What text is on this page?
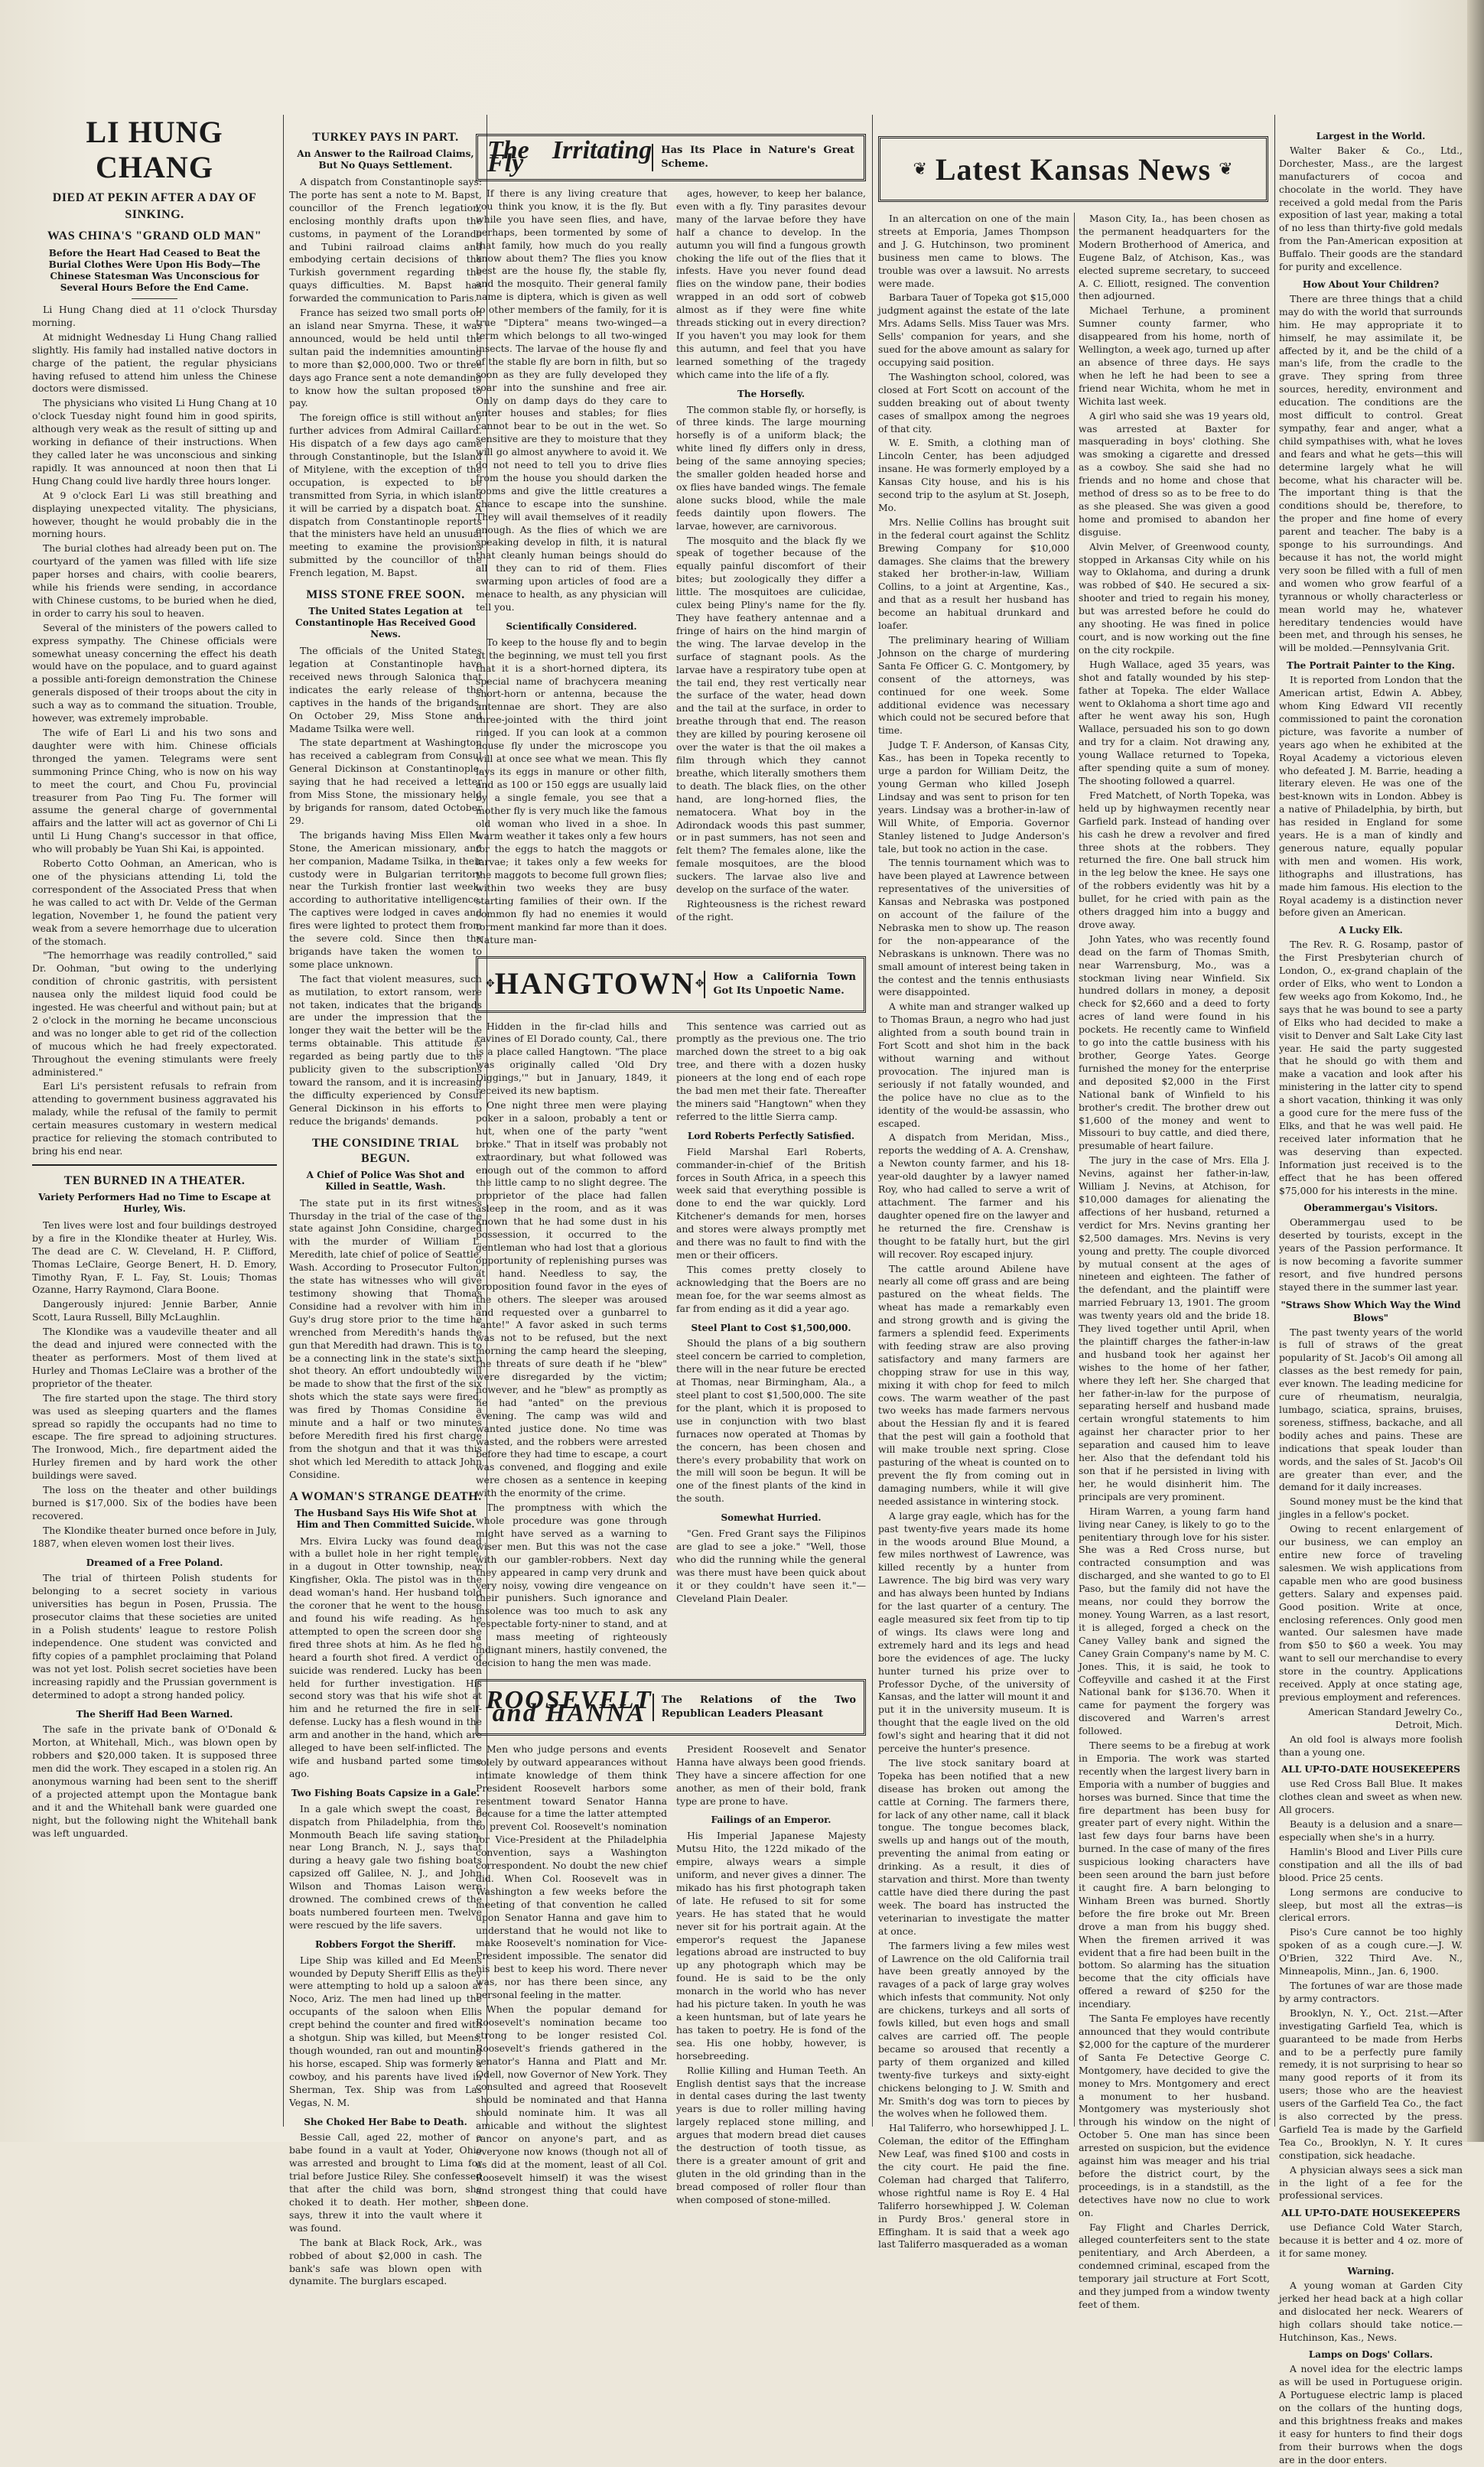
LI HUNG CHANG
DIED AT PEKIN AFTER A DAY OF SINKING.
WAS CHINA'S "GRAND OLD MAN"
Before the Heart Had Ceased to Beat the Burial Clothes Were Upon His Body—The Chinese Statesman Was Unconscious for Several Hours Before the End Came.

Li Hung Chang died at 11 o'clock Thursday morning.

At midnight Wednesday Li Hung Chang rallied slightly. His family had installed native doctors in charge of the patient, the regular physicians having refused to attend him unless the Chinese doctors were dismissed.

The physicians who visited Li Hung Chang at 10 o'clock Tuesday night found him in good spirits, although very weak as the result of sitting up and working in defiance of their instructions. When they called later he was unconscious and sinking rapidly. It was announced at noon then that Li Hung Chang could live hardly three hours longer.

At 9 o'clock Earl Li was still breathing and displaying unexpected vitality. The physicians, however, thought he would probably die in the morning hours.

The burial clothes had already been put on. The courtyard of the yamen was filled with life size paper horses and chairs, with coolie bearers, while his friends were sending, in accordance with Chinese customs, to be buried when he died, in order to carry his soul to heaven.

Several of the ministers of the powers called to express sympathy. The Chinese officials were somewhat uneasy concerning the effect his death would have on the populace, and to guard against a possible anti-foreign demonstration the Chinese generals disposed of their troops about the city in such a way as to command the situation. Trouble, however, was extremely improbable.

The wife of Earl Li and his two sons and daughter were with him. Chinese officials thronged the yamen. Telegrams were sent summoning Prince Ching, who is now on his way to meet the court, and Chou Fu, provincial treasurer from Pao Ting Fu. The former will assume the general charge of governmental affairs and the latter will act as governor of Chi Li until Li Hung Chang's successor in that office, who will probably be Yuan Shi Kai, is appointed.

Roberto Cotto Oohman, an American, who is one of the physicians attending Li, told the correspondent of the Associated Press that when he was called to act with Dr. Velde of the German legation, November 1, he found the patient very weak from a severe hemorrhage due to ulceration of the stomach.

"The hemorrhage was readily controlled," said Dr. Oohman, "but owing to the underlying condition of chronic gastritis, with persistent nausea only the mildest liquid food could be ingested. He was cheerful and without pain; but at 2 o'clock in the morning he became unconscious and was no longer able to get rid of the collection of mucous which he had freely expectorated. Throughout the evening stimulants were freely administered."

Earl Li's persistent refusals to refrain from attending to government business aggravated his malady, while the refusal of the family to permit certain measures customary in western medical practice for relieving the stomach contributed to bring his end near.

TEN BURNED IN A THEATER.
Variety Performers Had no Time to Escape at Hurley, Wis.

Ten lives were lost and four buildings destroyed by a fire in the Klondike theater at Hurley, Wis. The dead are C. W. Cleveland, H. P. Clifford, Thomas LeClaire, George Benert, H. D. Emory, Timothy Ryan, F. L. Fay, St. Louis; Thomas Ozanne, Harry Raymond, Clara Boone.

Dangerously injured: Jennie Barber, Annie Scott, Laura Russell, Billy McLaughlin.

The Klondike was a vaudeville theater and all the dead and injured were connected with the theater as performers. Most of them lived at Hurley and Thomas LeClaire was a brother of the proprietor of the theater.

The fire started upon the stage. The third story was used as sleeping quarters and the flames spread so rapidly the occupants had no time to escape. The fire spread to adjoining structures. The Ironwood, Mich., fire department aided the Hurley firemen and by hard work the other buildings were saved.

The loss on the theater and other buildings burned is $17,000. Six of the bodies have been recovered.

The Klondike theater burned once before in July, 1887, when eleven women lost their lives.

Dreamed of a Free Poland.

The trial of thirteen Polish students for belonging to a secret society in various universities has begun in Posen, Prussia. The prosecutor claims that these societies are united in a Polish students' league to restore Polish independence. One student was convicted and fifty copies of a pamphlet proclaiming that Poland was not yet lost. Polish secret societies have been increasing rapidly and the Prussian government is determined to adopt a strong handed policy.

The Sheriff Had Been Warned.

The safe in the private bank of O'Donald & Morton, at Whitehall, Mich., was blown open by robbers and $20,000 taken. It is supposed three men did the work. They escaped in a stolen rig. An anonymous warning had been sent to the sheriff of a projected attempt upon the Montague bank and it and the Whitehall bank were guarded one night, but the following night the Whitehall bank was left unguarded.

TURKEY PAYS IN PART.
An Answer to the Railroad Claims, But No Quays Settlement.

A dispatch from Constantinople says: The porte has sent a note to M. Bapst, councillor of the French legation, enclosing monthly drafts upon the customs, in payment of the Lorando and Tubini railroad claims and embodying certain decisions of the Turkish government regarding the quays difficulties. M. Bapst has forwarded the communication to Paris.

France has seized two small ports on an island near Smyrna. These, it was announced, would be held until the sultan paid the indemnities amounting to more than $2,000,000. Two or three days ago France sent a note demanding to know how the sultan proposed to pay.

The foreign office is still without any further advices from Admiral Caillard. His dispatch of a few days ago came through Constantinople, but the Island of Mitylene, with the exception of the occupation, is expected to be transmitted from Syria, in which island it will be carried by a dispatch boat. A dispatch from Constantinople reports that the ministers have held an unusual meeting to examine the provisions submitted by the councillor of the French legation, M. Bapst.

MISS STONE FREE SOON.
The United States Legation at Constantinople Has Received Good News.

The officials of the United States legation at Constantinople have received news through Salonica that indicates the early release of the captives in the hands of the brigands. On October 29, Miss Stone and Madame Tsilka were well.

The state department at Washington has received a cablegram from Consul General Dickinson at Constantinople, saying that he had received a letter from Miss Stone, the missionary held by brigands for ransom, dated October 29.

The brigands having Miss Ellen M. Stone, the American missionary, and her companion, Madame Tsilka, in their custody were in Bulgarian territory near the Turkish frontier last week, according to authoritative intelligence. The captives were lodged in caves and fires were lighted to protect them from the severe cold. Since then the brigands have taken the women to some place unknown.

The fact that violent measures, such as mutilation, to extort ransom, were not taken, indicates that the brigands are under the impression that the longer they wait the better will be the terms obtainable. This attitude is regarded as being partly due to the publicity given to the subscriptions toward the ransom, and it is increasing the difficulty experienced by Consul General Dickinson in his efforts to reduce the brigands' demands.

THE CONSIDINE TRIAL BEGUN.
A Chief of Police Was Shot and Killed in Seattle, Wash.

The state put in its first witness Thursday in the trial of the case of the state against John Considine, charged with the murder of William L. Meredith, late chief of police of Seattle, Wash. According to Prosecutor Fulton, the state has witnesses who will give testimony showing that Thomas Considine had a revolver with him in Guy's drug store prior to the time he wrenched from Meredith's hands the gun that Meredith had drawn. This is to be a connecting link in the state's sixth shot theory. An effort undoubtedly will be made to show that the first of the six shots which the state says were fired, was fired by Thomas Considine a minute and a half or two minutes before Meredith fired his first charge from the shotgun and that it was this shot which led Meredith to attack John Considine.

A WOMAN'S STRANGE DEATH.
The Husband Says His Wife Shot at Him and Then Committed Suicide.

Mrs. Elvira Lucky was found dead with a bullet hole in her right temple, in a dugout in Otter township, near Kingfisher, Okla. The pistol was in the dead woman's hand. Her husband told the coroner that he went to the house and found his wife reading. As he attempted to open the screen door she fired three shots at him. As he fled he heard a fourth shot fired. A verdict of suicide was rendered. Lucky has been held for further investigation. His second story was that his wife shot at him and he returned the fire in self-defense. Lucky has a flesh wound in the arm and another in the hand, which are alleged to have been self-inflicted. The wife and husband parted some time ago.

Two Fishing Boats Capsize in a Gale.

In a gale which swept the coast, a dispatch from Philadelphia, from the Monmouth Beach life saving station, near Long Branch, N. J., says that during a heavy gale two fishing boats capsized off Galilee, N. J., and John Wilson and Thomas Laison were drowned. The combined crews of the boats numbered fourteen men. Twelve were rescued by the life savers.

Robbers Forgot the Sheriff.

Lipe Ship was killed and Ed Meens wounded by Deputy Sheriff Ellis as they were attempting to hold up a saloon at Noco, Ariz. The men had lined up the occupants of the saloon when Ellis crept behind the counter and fired with a shotgun. Ship was killed, but Meens, though wounded, ran out and mounting his horse, escaped. Ship was formerly a cowboy, and his parents have lived in Sherman, Tex. Ship was from Las Vegas, N. M.

She Choked Her Babe to Death.

Bessie Call, aged 22, mother of a babe found in a vault at Yoder, Ohio was arrested and brought to Lima for trial before Justice Riley. She confessed that after the child was born, she choked it to death. Her mother, she says, threw it into the vault where it was found.

The bank at Black Rock, Ark., was robbed of about $2,000 in cash. The bank's safe was blown open with dynamite. The burglars escaped.

The Irritating Fly	Has Its Place in Nature's Great Scheme.

If there is any living creature that you think you know, it is the fly. But while you have seen flies, and have, perhaps, been tormented by some of that family, how much do you really know about them? The flies you know best are the house fly, the stable fly, and the mosquito. Their general family name is diptera, which is given as well to other members of the family, for it is true "Diptera" means two-winged—a term which belongs to all two-winged insects. The larvae of the house fly and of the stable fly are born in filth, but so soon as they are fully developed they soar into the sunshine and free air. Only on damp days do they care to enter houses and stables; for flies cannot bear to be out in the wet. So sensitive are they to moisture that they will go almost anywhere to avoid it. We do not need to tell you to drive flies from the house you should darken the rooms and give the little creatures a chance to escape into the sunshine. They will avail themselves of it readily enough. As the flies of which we are speaking develop in filth, it is natural that cleanly human beings should do all they can to rid of them. Flies swarming upon articles of food are a menace to health, as any physician will tell you.

Scientifically Considered.

To keep to the house fly and to begin at the beginning, we must tell you first that it is a short-horned diptera, its special name of brachycera meaning short-horn or antenna, because the antennae are short. They are also three-jointed with the third joint ringed. If you can look at a common house fly under the microscope you will at once see what we mean. This fly lays its eggs in manure or other filth, and as 100 or 150 eggs are usually laid by a single female, you see that a mother fly is very much like the famous old woman who lived in a shoe. In warm weather it takes only a few hours for the eggs to hatch the maggots or larvae; it takes only a few weeks for the maggots to become full grown flies; within two weeks they are busy starting families of their own. If the common fly had no enemies it would torment mankind far more than it does. Nature man-

ages, however, to keep her balance, even with a fly. Tiny parasites devour many of the larvae before they have half a chance to develop. In the autumn you will find a fungous growth choking the life out of the flies that it infests. Have you never found dead flies on the window pane, their bodies wrapped in an odd sort of cobweb almost as if they were fine white threads sticking out in every direction? If you haven't you may look for them this autumn, and feel that you have learned something of the tragedy which came into the life of a fly.

The Horsefly.

The common stable fly, or horsefly, is of three kinds. The large mourning horsefly is of a uniform black; the white lined fly differs only in dress, being of the same annoying species; the smaller golden headed horse and ox flies have banded wings. The female alone sucks blood, while the male feeds daintily upon flowers. The larvae, however, are carnivorous.

The mosquito and the black fly we speak of together because of the equally painful discomfort of their bites; but zoologically they differ a little. The mosquitoes are culicidae, culex being Pliny's name for the fly. They have feathery antennae and a fringe of hairs on the hind margin of the wing. The larvae develop in the surface of stagnant pools. As the larvae have a respiratory tube open at the tail end, they rest vertically near the surface of the water, head down and the tail at the surface, in order to breathe through that end. The reason they are killed by pouring kerosene oil over the water is that the oil makes a film through which they cannot breathe, which literally smothers them to death. The black flies, on the other hand, are long-horned flies, the nematocera. What boy in the Adirondack woods this past summer, or in past summers, has not seen and felt them? The females alone, like the female mosquitoes, are the blood suckers. The larvae also live and develop on the surface of the water.

Righteousness is the richest reward of the right.

✥ HANGTOWN ✥
How a California Town Got Its Unpoetic Name.

Hidden in the fir-clad hills and ravines of El Dorado county, Cal., there is a place called Hangtown. "The place was originally called 'Old Dry Diggings,'" but in January, 1849, it received its new baptism.

One night three men were playing poker in a saloon, probably a tent or hut, when one of the party "went broke." That in itself was probably not extraordinary, but what followed was enough out of the common to afford the little camp to no slight degree. The proprietor of the place had fallen asleep in the room, and as it was known that he had some dust in his possession, it occurred to the gentleman who had lost that a glorious opportunity of replenishing purses was at hand. Needless to say, the proposition found favor in the eyes of the others. The sleeper was aroused and requested over a gunbarrel to "ante!" A favor asked in such terms was not to be refused, but the next morning the camp heard the sleeping, the threats of sure death if he "blew" were disregarded by the victim; however, and he "blew" as promptly as he had "anted" on the previous evening. The camp was wild and wanted justice done. No time was wasted, and the robbers were arrested before they had time to escape, a court was convened, and flogging and exile were chosen as a sentence in keeping with the enormity of the crime.

The promptness with which the whole procedure was gone through might have served as a warning to wiser men. But this was not the case with our gambler-robbers. Next day they appeared in camp very drunk and very noisy, vowing dire vengeance on their punishers. Such ignorance and insolence was too much to ask any respectable forty-niner to stand, and at a mass meeting of righteously indignant miners, hastily convened, the decision to hang the men was made.

This sentence was carried out as promptly as the previous one. The trio marched down the street to a big oak tree, and there with a dozen husky pioneers at the long end of each rope the bad men met their fate. Thereafter the miners said "Hangtown" when they referred to the little Sierra camp.

Lord Roberts Perfectly Satisfied.

Field Marshal Earl Roberts, commander-in-chief of the British forces in South Africa, in a speech this week said that everything possible is done to end the war quickly. Lord Kitchener's demands for men, horses and stores were always promptly met and there was no fault to find with the men or their officers.

This comes pretty closely to acknowledging that the Boers are no mean foe, for the war seems almost as far from ending as it did a year ago.

Steel Plant to Cost $1,500,000.

Should the plans of a big southern steel concern be carried to completion, there will in the near future be erected at Thomas, near Birmingham, Ala., a steel plant to cost $1,500,000. The site for the plant, which it is proposed to use in conjunction with two blast furnaces now operated at Thomas by the concern, has been chosen and there's every probability that work on the mill will soon be begun. It will be one of the finest plants of the kind in the south.

Somewhat Hurried.

"Gen. Fred Grant says the Filipinos are glad to see a joke." "Well, those who did the running while the general was there must have been quick about it or they couldn't have seen it."—Cleveland Plain Dealer.

ROOSEVELT and HANNA	The Relations of the Two Republican Leaders Pleasant

Men who judge persons and events solely by outward appearances without intimate knowledge of them think President Roosevelt harbors some resentment toward Senator Hanna because for a time the latter attempted to prevent Col. Roosevelt's nomination for Vice-President at the Philadelphia convention, says a Washington correspondent. No doubt the new chief did. When Col. Roosevelt was in Washington a few weeks before the meeting of that convention he called upon Senator Hanna and gave him to understand that he would not like to make Roosevelt's nomination for Vice-President impossible. The senator did his best to keep his word. There never was, nor has there been since, any personal feeling in the matter.

When the popular demand for Roosevelt's nomination became too strong to be longer resisted Col. Roosevelt's friends gathered in the senator's Hanna and Platt and Mr. Odell, now Governor of New York. They consulted and agreed that Roosevelt should be nominated and that Hanna should nominate him. It was all amicable and without the slightest rancor on anyone's part, and as everyone now knows (though not all of us did at the moment, least of all Col. Roosevelt himself) it was the wisest and strongest thing that could have been done.

President Roosevelt and Senator Hanna have always been good friends. They have a sincere affection for one another, as men of their bold, frank type are prone to have.

Failings of an Emperor.

His Imperial Japanese Majesty Mutsu Hito, the 122d mikado of the empire, always wears a simple uniform, and never gives a dinner. The mikado has his first photograph taken of late. He refused to sit for some years. He has stated that he would never sit for his portrait again. At the emperor's request the Japanese legations abroad are instructed to buy up any photograph which may be found. He is said to be the only monarch in the world who has never had his picture taken. In youth he was a keen huntsman, but of late years he has taken to poetry. He is fond of the sea. His one hobby, however, is horsebreeding.

Rollie Killing and Human Teeth. An English dentist says that the increase in dental cases during the last twenty years is due to roller milling having largely replaced stone milling, and argues that modern bread diet causes the destruction of tooth tissue, as there is a greater amount of grit and gluten in the old grinding than in the bread composed of roller flour than when composed of stone-milled.

❦ Latest Kansas News ❦

In an altercation on one of the main streets at Emporia, James Thompson and J. G. Hutchinson, two prominent business men came to blows. The trouble was over a lawsuit. No arrests were made.

Barbara Tauer of Topeka got $15,000 judgment against the estate of the late Mrs. Adams Sells. Miss Tauer was Mrs. Sells' companion for years, and she sued for the above amount as salary for occupying said position.

The Washington school, colored, was closed at Fort Scott on account of the sudden breaking out of about twenty cases of smallpox among the negroes of that city.

W. E. Smith, a clothing man of Lincoln Center, has been adjudged insane. He was formerly employed by a Kansas City house, and his is his second trip to the asylum at St. Joseph, Mo.

Mrs. Nellie Collins has brought suit in the federal court against the Schlitz Brewing Company for $10,000 damages. She claims that the brewery staked her brother-in-law, William Collins, to a joint at Argentine, Kas., and that as a result her husband has become an habitual drunkard and loafer.

The preliminary hearing of William Johnson on the charge of murdering Santa Fe Officer G. C. Montgomery, by consent of the attorneys, was continued for one week. Some additional evidence was necessary which could not be secured before that time.

Judge T. F. Anderson, of Kansas City, Kas., has been in Topeka recently to urge a pardon for William Deitz, the young German who killed Joseph Lindsay and was sent to prison for ten years. Lindsay was a brother-in-law of Will White, of Emporia. Governor Stanley listened to Judge Anderson's tale, but took no action in the case.

The tennis tournament which was to have been played at Lawrence between representatives of the universities of Kansas and Nebraska was postponed on account of the failure of the Nebraska men to show up. The reason for the non-appearance of the Nebraskans is unknown. There was no small amount of interest being taken in the contest and the tennis enthusiasts were disappointed.

A white man and stranger walked up to Thomas Braun, a negro who had just alighted from a south bound train in Fort Scott and shot him in the back without warning and without provocation. The injured man is seriously if not fatally wounded, and the police have no clue as to the identity of the would-be assassin, who escaped.

A dispatch from Meridan, Miss., reports the wedding of A. A. Crenshaw, a Newton county farmer, and his 18-year-old daughter by a lawyer named Roy, who had called to serve a writ of attachment. The farmer and his daughter opened fire on the lawyer and he returned the fire. Crenshaw is thought to be fatally hurt, but the girl will recover. Roy escaped injury.

The cattle around Abilene have nearly all come off grass and are being pastured on the wheat fields. The wheat has made a remarkably even and strong growth and is giving the farmers a splendid feed. Experiments with feeding straw are also proving satisfactory and many farmers are chopping straw for use in this way, mixing it with chop for feed to milch cows. The warm weather of the past two weeks has made farmers nervous about the Hessian fly and it is feared that the pest will gain a foothold that will make trouble next spring. Close pasturing of the wheat is counted on to prevent the fly from coming out in damaging numbers, while it will give needed assistance in wintering stock.

A large gray eagle, which has for the past twenty-five years made its home in the woods around Blue Mound, a few miles northwest of Lawrence, was killed recently by a hunter from Lawrence. The big bird was very wary and has always been hunted by Indians for the last quarter of a century. The eagle measured six feet from tip to tip of wings. Its claws were long and extremely hard and its legs and head bore the evidences of age. The lucky hunter turned his prize over to Professor Dyche, of the university of Kansas, and the latter will mount it and put it in the university museum. It is thought that the eagle lived on the old fowl's sight and hearing that it did not perceive the hunter's presence.

The live stock sanitary board at Topeka has been notified that a new disease has broken out among the cattle at Corning. The farmers there, for lack of any other name, call it black tongue. The tongue becomes black, swells up and hangs out of the mouth, preventing the animal from eating or drinking. As a result, it dies of starvation and thirst. More than twenty cattle have died there during the past week. The board has instructed the veterinarian to investigate the matter at once.

The farmers living a few miles west of Lawrence on the old California trail have been greatly annoyed by the ravages of a pack of large gray wolves which infests that community. Not only are chickens, turkeys and all sorts of fowls killed, but even hogs and small calves are carried off. The people became so aroused that recently a party of them organized and killed twenty-five turkeys and sixty-eight chickens belonging to J. W. Smith and Mr. Smith's dog was torn to pieces by the wolves when he followed them.

Hal Taliferro, who horsewhipped J. L. Coleman, the editor of the Effingham New Leaf, was fined $100 and costs in the city court. He paid the fine. Coleman had charged that Taliferro, whose rightful name is Roy E. 4 Hal Taliferro horsewhipped J. W. Coleman in Purdy Bros.' general store in Effingham. It is said that a week ago last Taliferro masqueraded as a woman

Mason City, Ia., has been chosen as the permanent headquarters for the Modern Brotherhood of America, and Eugene Balz, of Atchison, Kas., was elected supreme secretary, to succeed A. C. Elliott, resigned. The convention then adjourned.

Michael Terhune, a prominent Sumner county farmer, who disappeared from his home, north of Wellington, a week ago, turned up after an absence of three days. He says when he left he had been to see a friend near Wichita, whom he met in Wichita last week.

A girl who said she was 19 years old, was arrested at Baxter for masquerading in boys' clothing. She was smoking a cigarette and dressed as a cowboy. She said she had no friends and no home and chose that method of dress so as to be free to do as she pleased. She was given a good home and promised to abandon her disguise.

Alvin Melver, of Greenwood county, stopped in Arkansas City while on his way to Oklahoma, and during a drunk was robbed of $40. He secured a six-shooter and tried to regain his money, but was arrested before he could do any shooting. He was fined in police court, and is now working out the fine on the city rockpile.

Hugh Wallace, aged 35 years, was shot and fatally wounded by his step-father at Topeka. The elder Wallace went to Oklahoma a short time ago and after he went away his son, Hugh Wallace, persuaded his son to go down and try for a claim. Not drawing any, young Wallace returned to Topeka, after spending quite a sum of money. The shooting followed a quarrel.

Fred Matchett, of North Topeka, was held up by highwaymen recently near Garfield park. Instead of handing over his cash he drew a revolver and fired three shots at the robbers. They returned the fire. One ball struck him in the leg below the knee. He says one of the robbers evidently was hit by a bullet, for he cried with pain as the others dragged him into a buggy and drove away.

John Yates, who was recently found dead on the farm of Thomas Smith, near Warrensburg, Mo., was a stockman living near Winfield. Six hundred dollars in money, a deposit check for $2,660 and a deed to forty acres of land were found in his pockets. He recently came to Winfield to go into the cattle business with his brother, George Yates. George furnished the money for the enterprise and deposited $2,000 in the First National bank of Winfield to his brother's credit. The brother drew out $1,600 of the money and went to Missouri to buy cattle, and died there, presumable of heart failure.

The jury in the case of Mrs. Ella J. Nevins, against her father-in-law, William J. Nevins, at Atchison, for $10,000 damages for alienating the affections of her husband, returned a verdict for Mrs. Nevins granting her $2,500 damages. Mrs. Nevins is very young and pretty. The couple divorced by mutual consent at the ages of nineteen and eighteen. The father of the defendant, and the plaintiff were married February 13, 1901. The groom was twenty years old and the bride 18. They lived together until April, when the plaintiff charges the father-in-law and husband took her against her wishes to the home of her father, where they left her. She charged that her father-in-law for the purpose of separating herself and husband made certain wrongful statements to him against her character prior to her separation and caused him to leave her. Also that the defendant told his son that if he persisted in living with her, he would disinherit him. The principals are very prominent.

Hiram Warren, a young farm hand living near Caney, is likely to go to the penitentiary through love for his sister. She was a Red Cross nurse, but contracted consumption and was discharged, and she wanted to go to El Paso, but the family did not have the means, nor could they borrow the money. Young Warren, as a last resort, it is alleged, forged a check on the Caney Valley bank and signed the Caney Grain Company's name by M. C. Jones. This, it is said, he took to Coffeyville and cashed it at the First National bank for $136.70. When it came for payment the forgery was discovered and Warren's arrest followed.

There seems to be a firebug at work in Emporia. The work was started recently when the largest livery barn in Emporia with a number of buggies and horses was burned. Since that time the fire department has been busy for greater part of every night. Within the last few days four barns have been burned. In the case of many of the fires suspicious looking characters have been seen around the barn just before it caught fire. A barn belonging to Winham Breen was burned. Shortly before the fire broke out Mr. Breen drove a man from his buggy shed. When the firemen arrived it was evident that a fire had been built in the bottom. So alarming has the situation become that the city officials have offered a reward of $250 for the incendiary.

The Santa Fe employes have recently announced that they would contribute $2,000 for the capture of the murderer of Santa Fe Detective George C. Montgomery, have decided to give the money to Mrs. Montgomery and erect a monument to her husband. Montgomery was mysteriously shot through his window on the night of October 5. One man has since been arrested on suspicion, but the evidence against him was meager and his trial before the district court, by the proceedings, is in a standstill, as the detectives have now no clue to work on.

Fay Flight and Charles Derrick, alleged counterfeiters sent to the state penitentiary, and Arch Aberdeen, a condemned criminal, escaped from the temporary jail structure at Fort Scott, and they jumped from a window twenty feet of them.

Largest in the World.

Walter Baker & Co., Ltd., Dorchester, Mass., are the largest manufacturers of cocoa and chocolate in the world. They have received a gold medal from the Paris exposition of last year, making a total of no less than thirty-five gold medals from the Pan-American exposition at Buffalo. Their goods are the standard for purity and excellence.

How About Your Children?

There are three things that a child may do with the world that surrounds him. He may appropriate it to himself, he may assimilate it, be affected by it, and be the child of a man's life, from the cradle to the grave. They spring from three sources, heredity, environment and education. The conditions are the most difficult to control. Great sympathy, fear and anger, what a child sympathises with, what he loves and fears and what he gets—this will determine largely what he will become, what his character will be. The important thing is that the conditions should be, therefore, to the proper and fine home of every parent and teacher. The baby is a sponge to his surroundings. And because it has not, the world might very soon be filled with a full of men and women who grow fearful of a tyrannous or wholly characterless or mean world may he, whatever hereditary tendencies would have been met, and through his senses, he will be molded.—Pennsylvania Grit.

The Portrait Painter to the King.

It is reported from London that the American artist, Edwin A. Abbey, whom King Edward VII recently commissioned to paint the coronation picture, was favorite a number of years ago when he exhibited at the Royal Academy a victorious eleven who defeated J. M. Barrie, heading a literary eleven. He was one of the best-known wits in London. Abbey is a native of Philadelphia, by birth, but has resided in England for some years. He is a man of kindly and generous nature, equally popular with men and women. His work, lithographs and illustrations, has made him famous. His election to the Royal academy is a distinction never before given an American.

A Lucky Elk.

The Rev. R. G. Rosamp, pastor of the First Presbyterian church of London, O., ex-grand chaplain of the order of Elks, who went to London a few weeks ago from Kokomo, Ind., he says that he was bound to see a party of Elks who had decided to make a visit to Denver and Salt Lake City last year. He said the party suggested that he should go with them and make a vacation and look after his ministering in the latter city to spend a short vacation, thinking it was only a good cure for the mere fuss of the Elks, and that he was well paid. He received later information that he was deserving than expected. Information just received is to the effect that he has been offered $75,000 for his interests in the mine.

Oberammergau's Visitors.

Oberammergau used to be deserted by tourists, except in the years of the Passion performance. It is now becoming a favorite summer resort, and five hundred persons stayed there in the summer last year.

"Straws Show Which Way the Wind Blows"

The past twenty years of the world is full of straws of the great popularity of St. Jacob's Oil among all classes as the best remedy for pain, ever known. The leading medicine for cure of rheumatism, neuralgia, lumbago, sciatica, sprains, bruises, soreness, stiffness, backache, and all bodily aches and pains. These are indications that speak louder than words, and the sales of St. Jacob's Oil are greater than ever, and the demand for it daily increases.

Sound money must be the kind that jingles in a fellow's pocket.

Owing to recent enlargement of our business, we can employ an entire new force of traveling salesmen. We wish applications from capable men who are good business getters. Salary and expenses paid. Good position. Write at once, enclosing references. Only good men wanted. Our salesmen have made from $50 to $60 a week. You may want to sell our merchandise to every store in the country. Applications received. Apply at once stating age, previous employment and references.

American Standard Jewelry Co., Detroit, Mich.

An old fool is always more foolish than a young one.

ALL UP-TO-DATE HOUSEKEEPERS

use Red Cross Ball Blue. It makes clothes clean and sweet as when new. All grocers.

Beauty is a delusion and a snare—especially when she's in a hurry.

Hamlin's Blood and Liver Pills cure constipation and all the ills of bad blood. Price 25 cents.

Long sermons are conducive to sleep, but most all the extras—is clerical errors.

Piso's Cure cannot be too highly spoken of as a cough cure.—J. W. O'Brien, 322 Third Ave. N., Minneapolis, Minn., Jan. 6, 1900.

The fortunes of war are those made by army contractors.

Brooklyn, N. Y., Oct. 21st.—After investigating Garfield Tea, which is guaranteed to be made from Herbs and to be a perfectly pure family remedy, it is not surprising to hear so many good reports of it from its users; those who are the heaviest users of the Garfield Tea Co., the fact is also corrected by the press. Garfield Tea is made by the Garfield Tea Co., Brooklyn, N. Y. It cures constipation, sick headache.

A physician always sees a sick man in the light of a fee for the professional services.

ALL UP-TO-DATE HOUSEKEEPERS

use Defiance Cold Water Starch, because it is better and 4 oz. more of it for same money.

Warning.

A young woman at Garden City jerked her head back at a high collar and dislocated her neck. Wearers of high collars should take notice.—Hutchinson, Kas., News.

Lamps on Dogs' Collars.

A novel idea for the electric lamps as will be used in Portuguese origin. A Portuguese electric lamp is placed on the collars of the hunting dogs, and this brightness freaks and makes it easy for hunters to find their dogs from their burrows when the dogs are in the door enters.
